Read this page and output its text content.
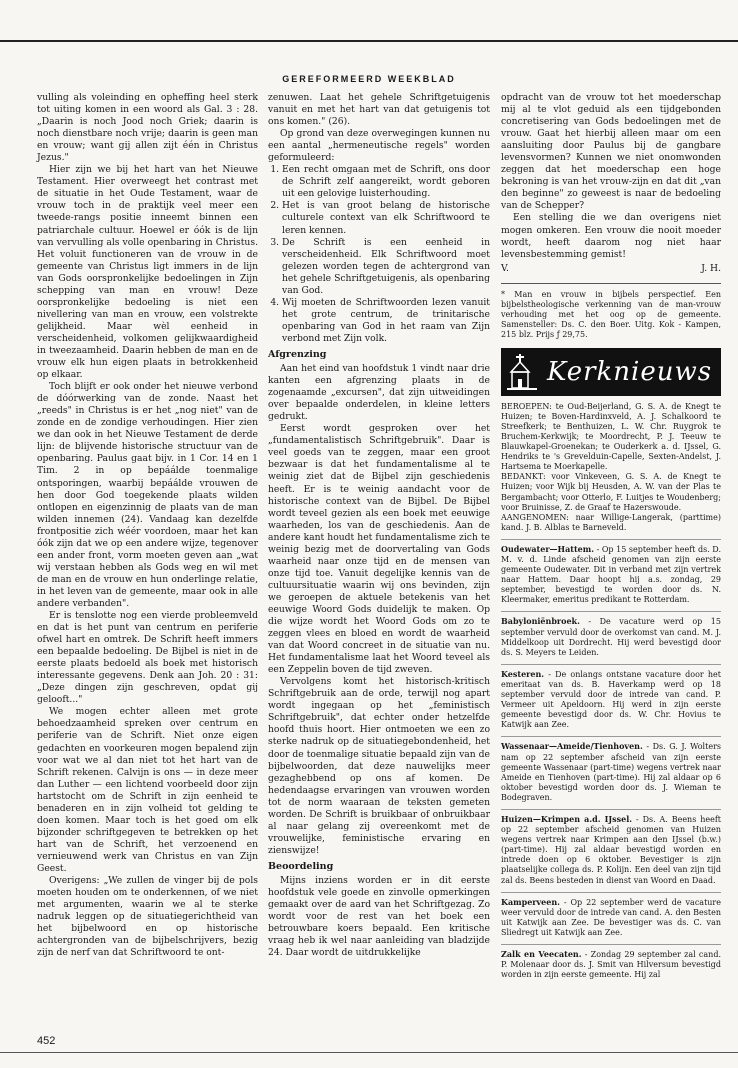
GEREFORMEERD WEEKBLAD

vulling als voleinding en opheffing heel sterk tot uiting komen in een woord als Gal. 3 : 28. „Daarin is noch Jood noch Griek; daarin is noch dienstbare noch vrije; daarin is geen man en vrouw; want gij allen zijt één in Christus Jezus."

Hier zijn we bij het hart van het Nieuwe Testament. Hier overweegt het contrast met de situatie in het Oude Testament, waar de vrouw toch in de praktijk veel meer een tweede-rangs positie inneemt binnen een patriarchale cultuur. Hoewel er óók is de lijn van vervulling als volle openbaring in Christus. Het voluit functioneren van de vrouw in de gemeente van Christus ligt immers in de lijn van Gods oorspronkelijke bedoelingen in Zijn schepping van man en vrouw! Deze oorspronkelijke bedoeling is niet een nivellering van man en vrouw, een volstrekte gelijkheid. Maar wèl eenheid in verscheidenheid, volkomen gelijkwaardigheid in tweezaamheid. Daarin hebben de man en de vrouw elk hun eigen plaats in betrokkenheid op elkaar.

Toch blijft er ook onder het nieuwe verbond de dóórwerking van de zonde. Naast het „reeds" in Christus is er het „nog niet" van de zonde en de zondige verhoudingen. Hier zien we dan ook in het Nieuwe Testament de derde lijn: de blijvende historische structuur van de openbaring. Paulus gaat bijv. in 1 Cor. 14 en 1 Tim. 2 in op bepáálde toenmalige ontsporingen, waarbij bepáálde vrouwen de hen door God toegekende plaats wilden ontlopen en eigenzinnig de plaats van de man wilden innemen (24). Vandaag kan dezelfde frontpositie zich wéér voordoen, maar het kan óók zijn dat we op een andere wijze, tegenover een ander front, vorm moeten geven aan „wat wij verstaan hebben als Gods weg en wil met de man en de vrouw en hun onderlinge relatie, in het leven van de gemeente, maar ook in alle andere verbanden".

Er is tenslotte nog een vierde probleemveld en dat is het punt van centrum en periferie ofwel hart en omtrek. De Schrift heeft immers een bepaalde bedoeling. De Bijbel is niet in de eerste plaats bedoeld als boek met historisch interessante gegevens. Denk aan Joh. 20 : 31: „Deze dingen zijn geschreven, opdat gij gelooft..."

We mogen echter alleen met grote behoedzaamheid spreken over centrum en periferie van de Schrift. Niet onze eigen gedachten en voorkeuren mogen bepalend zijn voor wat we al dan niet tot het hart van de Schrift rekenen. Calvijn is ons — in deze meer dan Luther — een lichtend voorbeeld door zijn hartstocht om de Schrift in zijn eenheid te benaderen en in zijn volheid tot gelding te doen komen. Maar toch is het goed om elk bijzonder schriftgegeven te betrekken op het hart van de Schrift, het verzoenend en vernieuwend werk van Christus en van Zijn Geest.

Overigens: „We zullen de vinger bij de pols moeten houden om te onderkennen, of we niet met argumenten, waarin we al te sterke nadruk leggen op de situatiegerichtheid van het bijbelwoord en op historische achtergronden van de bijbelschrijvers, bezig zijn de nerf van dat Schriftwoord te ont-

zenuwen. Laat het gehele Schriftgetuigenis vanuit en met het hart van dat getuigenis tot ons komen." (26).

Op grond van deze overwegingen kunnen nu een aantal „hermeneutische regels" worden geformuleerd:

1. Een recht omgaan met de Schrift, ons door de Schrift zelf aangereikt, wordt geboren uit een gelovige luisterhouding.
2. Het is van groot belang de historische culturele context van elk Schriftwoord te leren kennen.
3. De Schrift is een eenheid in verscheidenheid. Elk Schriftwoord moet gelezen worden tegen de achtergrond van het gehele Schriftgetuigenis, als openbaring van God.
4. Wij moeten de Schriftwoorden lezen vanuit het grote centrum, de trinitarische openbaring van God in het raam van Zijn verbond met Zijn volk.
Afgrenzing

Aan het eind van hoofdstuk 1 vindt naar drie kanten een afgrenzing plaats in de zogenaamde „excursen", dat zijn uitweidingen over bepaalde onderdelen, in kleine letters gedrukt.

Eerst wordt gesproken over het „fundamentalistisch Schriftgebruik". Daar is veel goeds van te zeggen, maar een groot bezwaar is dat het fundamentalisme al te weinig ziet dat de Bijbel zijn geschiedenis heeft. Er is te weinig aandacht voor de historische context van de Bijbel. De Bijbel wordt teveel gezien als een boek met eeuwige waarheden, los van de geschiedenis. Aan de andere kant houdt het fundamentalisme zich te weinig bezig met de doorvertaling van Gods waarheid naar onze tijd en de mensen van onze tijd toe. Vanuit degelijke kennis van de cultuursituatie waarin wij ons bevinden, zijn we geroepen de aktuele betekenis van het eeuwige Woord Gods duidelijk te maken. Op die wijze wordt het Woord Gods om zo te zeggen vlees en bloed en wordt de waarheid van dat Woord concreet in de situatie van nu. Het fundamentalisme laat het Woord teveel als een Zeppelin boven de tijd zweven.

Vervolgens komt het historisch-kritisch Schriftgebruik aan de orde, terwijl nog apart wordt ingegaan op het „feministisch Schriftgebruik", dat echter onder hetzelfde hoofd thuis hoort. Hier ontmoeten we een zo sterke nadruk op de situatiegebondenheid, het door de toenmalige situatie bepaald zijn van de bijbelwoorden, dat deze nauwelijks meer gezaghebbend op ons af komen. De hedendaagse ervaringen van vrouwen worden tot de norm waaraan de teksten gemeten worden. De Schrift is bruikbaar of onbruikbaar al naar gelang zij overeenkomt met de vrouwelijke, feministische ervaring en zienswijze!

Beoordeling

Mijns inziens worden er in dit eerste hoofdstuk vele goede en zinvolle opmerkingen gemaakt over de aard van het Schriftgezag. Zo wordt voor de rest van het boek een betrouwbare koers bepaald. Een kritische vraag heb ik wel naar aanleiding van bladzijde 24. Daar wordt de uitdrukkelijke

opdracht van de vrouw tot het moederschap mij al te vlot geduid als een tijdgebonden concretisering van Gods bedoelingen met de vrouw. Gaat het hierbij alleen maar om een aansluiting door Paulus bij de gangbare levensvormen? Kunnen we niet onomwonden zeggen dat het moederschap een hoge bekroning is van het vrouw-zijn en dat dit „van den beginne" zo geweest is naar de bedoeling van de Schepper?

Een stelling die we dan overigens niet mogen omkeren. Een vrouw die nooit moeder wordt, heeft daarom nog niet haar levensbestemming gemist!

V.	J. H.
* Man en vrouw in bijbels perspectief. Een bijbelstheologische verkenning van de man-vrouw verhouding met het oog op de gemeente. Samensteller: Ds. C. den Boer. Uitg. Kok - Kampen, 215 blz. Prijs ƒ 29,75.
Kerknieuws

BEROEPEN: te Oud-Beijerland, G. S. A. de Knegt te Huizen; te Boven-Hardinxveld, A. J. Schalkoord te Streefkerk; te Benthuizen, L. W. Chr. Ruygrok te Bruchem-Kerkwijk; te Moordrecht, P. J. Teeuw te Blauwkapel-Groenekan; te Ouderkerk a. d. IJssel, G. Hendriks te 's Grevelduin-Capelle, Sexten-Andelst, J. Hartsema te Moerkapelle.

BEDANKT: voor Vinkeveen, G. S. A. de Knegt te Huizen; voor Wijk bij Heusden, A. W. van der Plas te Bergambacht; voor Otterlo, F. Luitjes te Woudenberg; voor Bruinisse, Z. de Graaf te Hazerswoude.

AANGENOMEN: naar Willige-Langerak, (parttime) kand. J. B. Alblas te Barneveld.

Oudewater—Hattem. - Op 15 september heeft ds. D. M. v. d. Linde afscheid genomen van zijn eerste gemeente Oudewater. Dit in verband met zijn vertrek naar Hattem. Daar hoopt hij a.s. zondag, 29 september, bevestigd te worden door ds. N. Kleermaker, emeritus predikant te Rotterdam.
Babyloniënbroek. - De vacature werd op 15 september vervuld door de overkomst van cand. M. J. Middelkoop uit Dordrecht. Hij werd bevestigd door ds. S. Meyers te Leiden.
Kesteren. - De onlangs ontstane vacature door het emeritaat van ds. B. Haverkamp werd op 18 september vervuld door de intrede van cand. P. Vermeer uit Apeldoorn. Hij werd in zijn eerste gemeente bevestigd door ds. W. Chr. Hovius te Katwijk aan Zee.
Wassenaar—Ameide/Tienhoven. - Ds. G. J. Wolters nam op 22 september afscheid van zijn eerste gemeente Wassenaar (part-time) wegens vertrek naar Ameide en Tienhoven (part-time). Hij zal aldaar op 6 oktober bevestigd worden door ds. J. Wieman te Bodegraven.
Huizen—Krimpen a.d. IJssel. - Ds. A. Beens heeft op 22 september afscheid genomen van Huizen wegens vertrek naar Krimpen aan den IJssel (b.w.) (part-time). Hij zal aldaar bevestigd worden en intrede doen op 6 oktober. Bevestiger is zijn plaatselijke collega ds. P. Kolijn. Een deel van zijn tijd zal ds. Beens besteden in dienst van Woord en Daad.
Kamperveen. - Op 22 september werd de vacature weer vervuld door de intrede van cand. A. den Besten uit Katwijk aan Zee. De bevestiger was ds. C. van Sliedregt uit Katwijk aan Zee.
Zalk en Veecaten. - Zondag 29 september zal cand. P. Molenaar door ds. J. Smit van Hilversum bevestigd worden in zijn eerste gemeente. Hij zal
452
